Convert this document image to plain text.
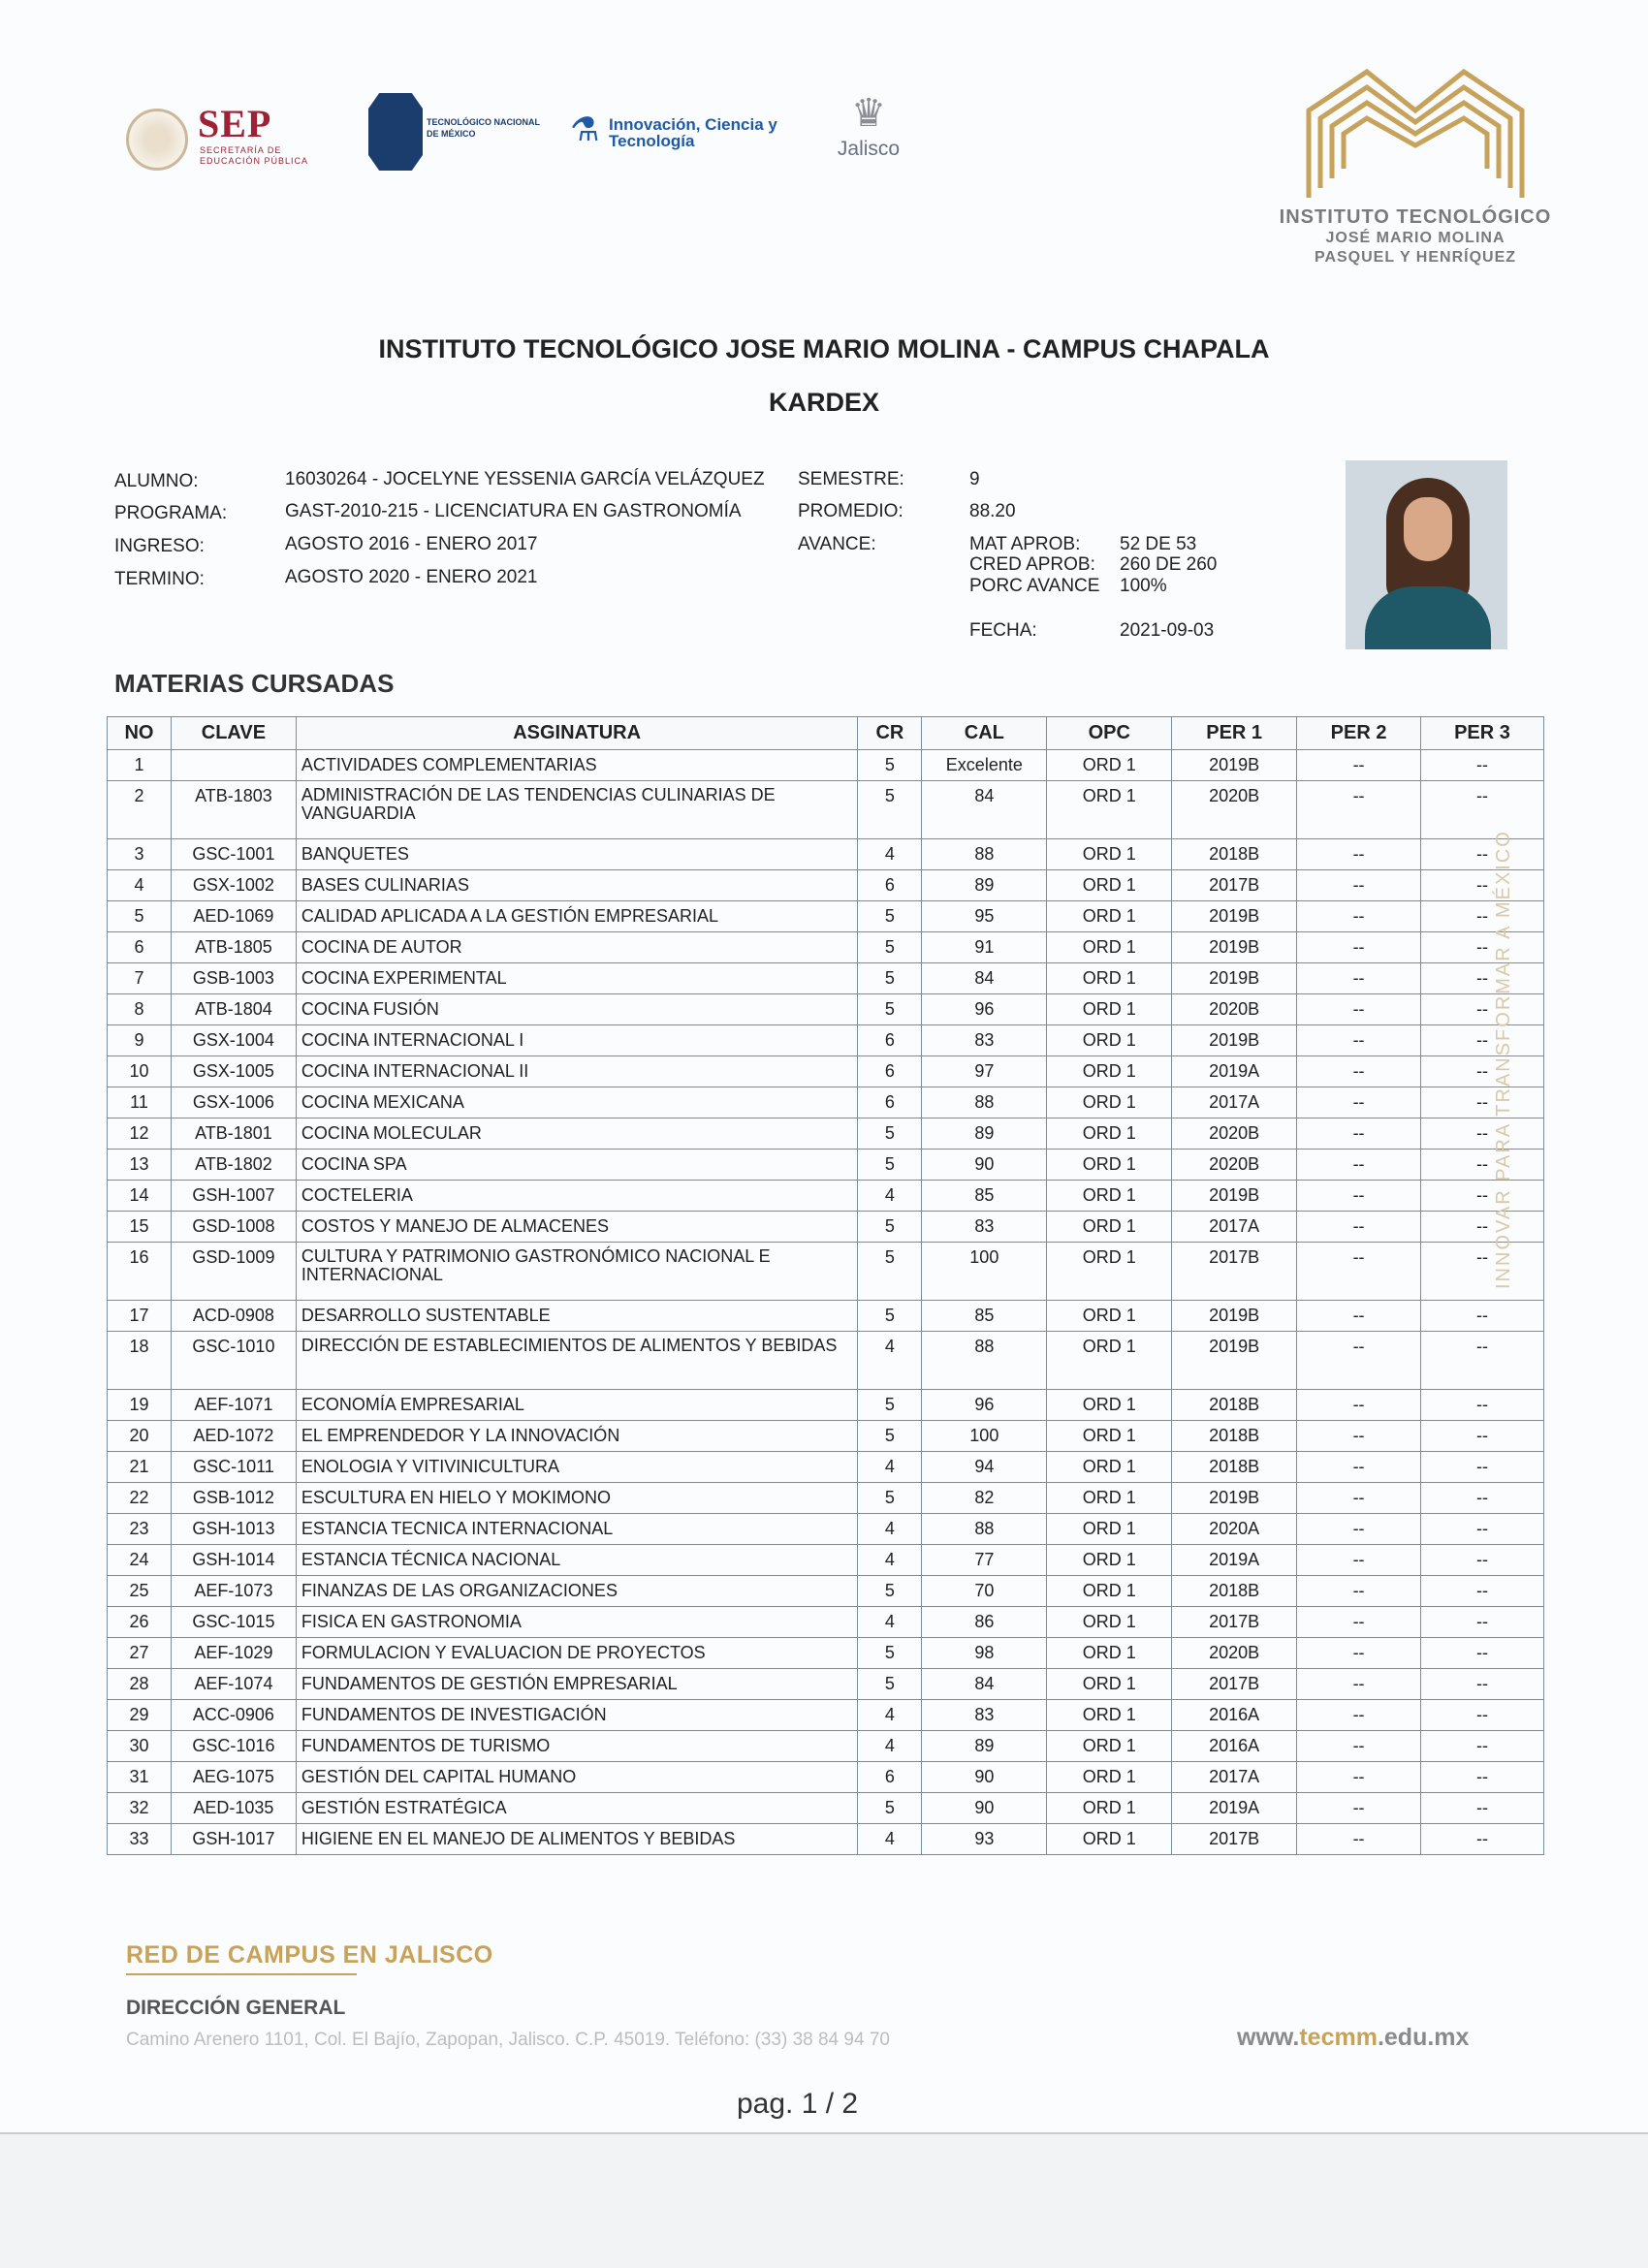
SEP
SECRETARÍA DE EDUCACIÓN PÚBLICA
TECNOLÓGICO NACIONAL DE MÉXICO	⚗ Innovación, Ciencia y Tecnología
♛
Jalisco
INSTITUTO TECNOLÓGICO
JOSÉ MARIO MOLINA
PASQUEL Y HENRÍQUEZ
INSTITUTO TECNOLÓGICO JOSE MARIO MOLINA - CAMPUS CHAPALA
KARDEX
ALUMNO:	16030264 - JOCELYNE YESSENIA GARCÍA VELÁZQUEZ
PROGRAMA:	GAST-2010-215 - LICENCIATURA EN GASTRONOMÍA
INGRESO:	AGOSTO 2016 - ENERO 2017
TERMINO:	AGOSTO 2020 - ENERO 2021
SEMESTRE:	9
PROMEDIO:	88.20
AVANCE:	MAT APROB: 52 DE 53
CRED APROB: 260 DE 260
PORC AVANCE 100%
FECHA:	2021-09-03
MATERIAS CURSADAS
NO	CLAVE	ASGINATURA	CR	CAL	OPC	PER 1	PER 2	PER 3
1		ACTIVIDADES COMPLEMENTARIAS	5	Excelente	ORD 1	2019B	--	--
2	ATB-1803	ADMINISTRACIÓN DE LAS TENDENCIAS CULINARIAS DE VANGUARDIA	5	84	ORD 1	2020B	--	--
3	GSC-1001	BANQUETES	4	88	ORD 1	2018B	--	--
4	GSX-1002	BASES CULINARIAS	6	89	ORD 1	2017B	--	--
5	AED-1069	CALIDAD APLICADA A LA GESTIÓN EMPRESARIAL	5	95	ORD 1	2019B	--	--
6	ATB-1805	COCINA DE AUTOR	5	91	ORD 1	2019B	--	--
7	GSB-1003	COCINA EXPERIMENTAL	5	84	ORD 1	2019B	--	--
8	ATB-1804	COCINA FUSIÓN	5	96	ORD 1	2020B	--	--
9	GSX-1004	COCINA INTERNACIONAL I	6	83	ORD 1	2019B	--	--
10	GSX-1005	COCINA INTERNACIONAL II	6	97	ORD 1	2019A	--	--
11	GSX-1006	COCINA MEXICANA	6	88	ORD 1	2017A	--	--
12	ATB-1801	COCINA MOLECULAR	5	89	ORD 1	2020B	--	--
13	ATB-1802	COCINA SPA	5	90	ORD 1	2020B	--	--
14	GSH-1007	COCTELERIA	4	85	ORD 1	2019B	--	--
15	GSD-1008	COSTOS Y MANEJO DE ALMACENES	5	83	ORD 1	2017A	--	--
16	GSD-1009	CULTURA Y PATRIMONIO GASTRONÓMICO NACIONAL E INTERNACIONAL	5	100	ORD 1	2017B	--	--
17	ACD-0908	DESARROLLO SUSTENTABLE	5	85	ORD 1	2019B	--	--
18	GSC-1010	DIRECCIÓN DE ESTABLECIMIENTOS DE ALIMENTOS Y BEBIDAS	4	88	ORD 1	2019B	--	--
19	AEF-1071	ECONOMÍA EMPRESARIAL	5	96	ORD 1	2018B	--	--
20	AED-1072	EL EMPRENDEDOR Y LA INNOVACIÓN	5	100	ORD 1	2018B	--	--
21	GSC-1011	ENOLOGIA Y VITIVINICULTURA	4	94	ORD 1	2018B	--	--
22	GSB-1012	ESCULTURA EN HIELO Y MOKIMONO	5	82	ORD 1	2019B	--	--
23	GSH-1013	ESTANCIA TECNICA INTERNACIONAL	4	88	ORD 1	2020A	--	--
24	GSH-1014	ESTANCIA TÉCNICA NACIONAL	4	77	ORD 1	2019A	--	--
25	AEF-1073	FINANZAS DE LAS ORGANIZACIONES	5	70	ORD 1	2018B	--	--
26	GSC-1015	FISICA EN GASTRONOMIA	4	86	ORD 1	2017B	--	--
27	AEF-1029	FORMULACION Y EVALUACION DE PROYECTOS	5	98	ORD 1	2020B	--	--
28	AEF-1074	FUNDAMENTOS DE GESTIÓN EMPRESARIAL	5	84	ORD 1	2017B	--	--
29	ACC-0906	FUNDAMENTOS DE INVESTIGACIÓN	4	83	ORD 1	2016A	--	--
30	GSC-1016	FUNDAMENTOS DE TURISMO	4	89	ORD 1	2016A	--	--
31	AEG-1075	GESTIÓN DEL CAPITAL HUMANO	6	90	ORD 1	2017A	--	--
32	AED-1035	GESTIÓN ESTRATÉGICA	5	90	ORD 1	2019A	--	--
33	GSH-1017	HIGIENE EN EL MANEJO DE ALIMENTOS Y BEBIDAS	4	93	ORD 1	2017B	--	--
INNOVAR PARA TRANSFORMAR A MÉXICO
RED DE CAMPUS EN JALISCO
DIRECCIÓN GENERAL
Camino Arenero 1101, Col. El Bajío, Zapopan, Jalisco. C.P. 45019. Teléfono: (33) 38 84 94 70	www.tecmm.edu.mx
pag. 1 / 2
